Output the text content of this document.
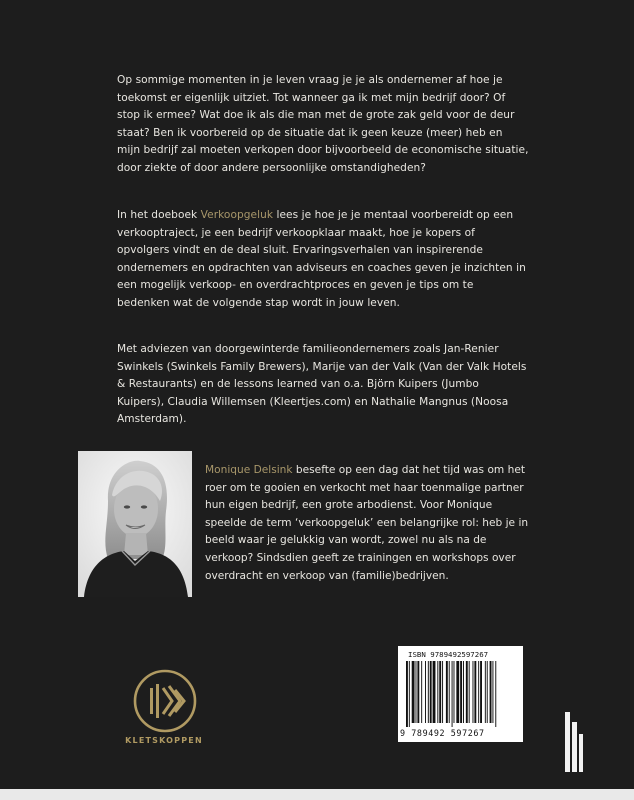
Op sommige momenten in je leven vraag je je als ondernemer af hoe je toekomst er eigenlijk uitziet. Tot wanneer ga ik met mijn bedrijf door? Of stop ik ermee? Wat doe ik als die man met de grote zak geld voor de deur staat? Ben ik voorbereid op de situatie dat ik geen keuze (meer) heb en mijn bedrijf zal moeten verkopen door bijvoorbeeld de economische situatie, door ziekte of door andere persoonlijke omstandigheden?

In het doeboek Verkoopgeluk lees je hoe je je mentaal voorbereidt op een verkooptraject, je een bedrijf verkoopklaar maakt, hoe je kopers of opvolgers vindt en de deal sluit. Ervaringsverhalen van inspirerende ondernemers en opdrachten van adviseurs en coaches geven je inzichten in een mogelijk verkoop- en overdrachtproces en geven je tips om te bedenken wat de volgende stap wordt in jouw leven.

Met adviezen van doorgewinterde familieondernemers zoals Jan-Renier Swinkels (Swinkels Family Brewers), Marije van der Valk (Van der Valk Hotels & Restaurants) en de lessons learned van o.a. Björn Kuipers (Jumbo Kuipers), Claudia Willemsen (Kleertjes.com) en Nathalie Mangnus (Noosa Amsterdam).

Monique Delsink besefte op een dag dat het tijd was om het roer om te gooien en verkocht met haar toenmalige partner hun eigen bedrijf, een grote arbodienst. Voor Monique speelde de term ‘verkoopgeluk’ een belangrijke rol: heb je in beeld waar je gelukkig van wordt, zowel nu als na de verkoop? Sindsdien geeft ze trainingen en workshops over overdracht en verkoop van (familie)bedrijven.

KLETSKOPPEN
ISBN 9789492597267
9 789492 597267
